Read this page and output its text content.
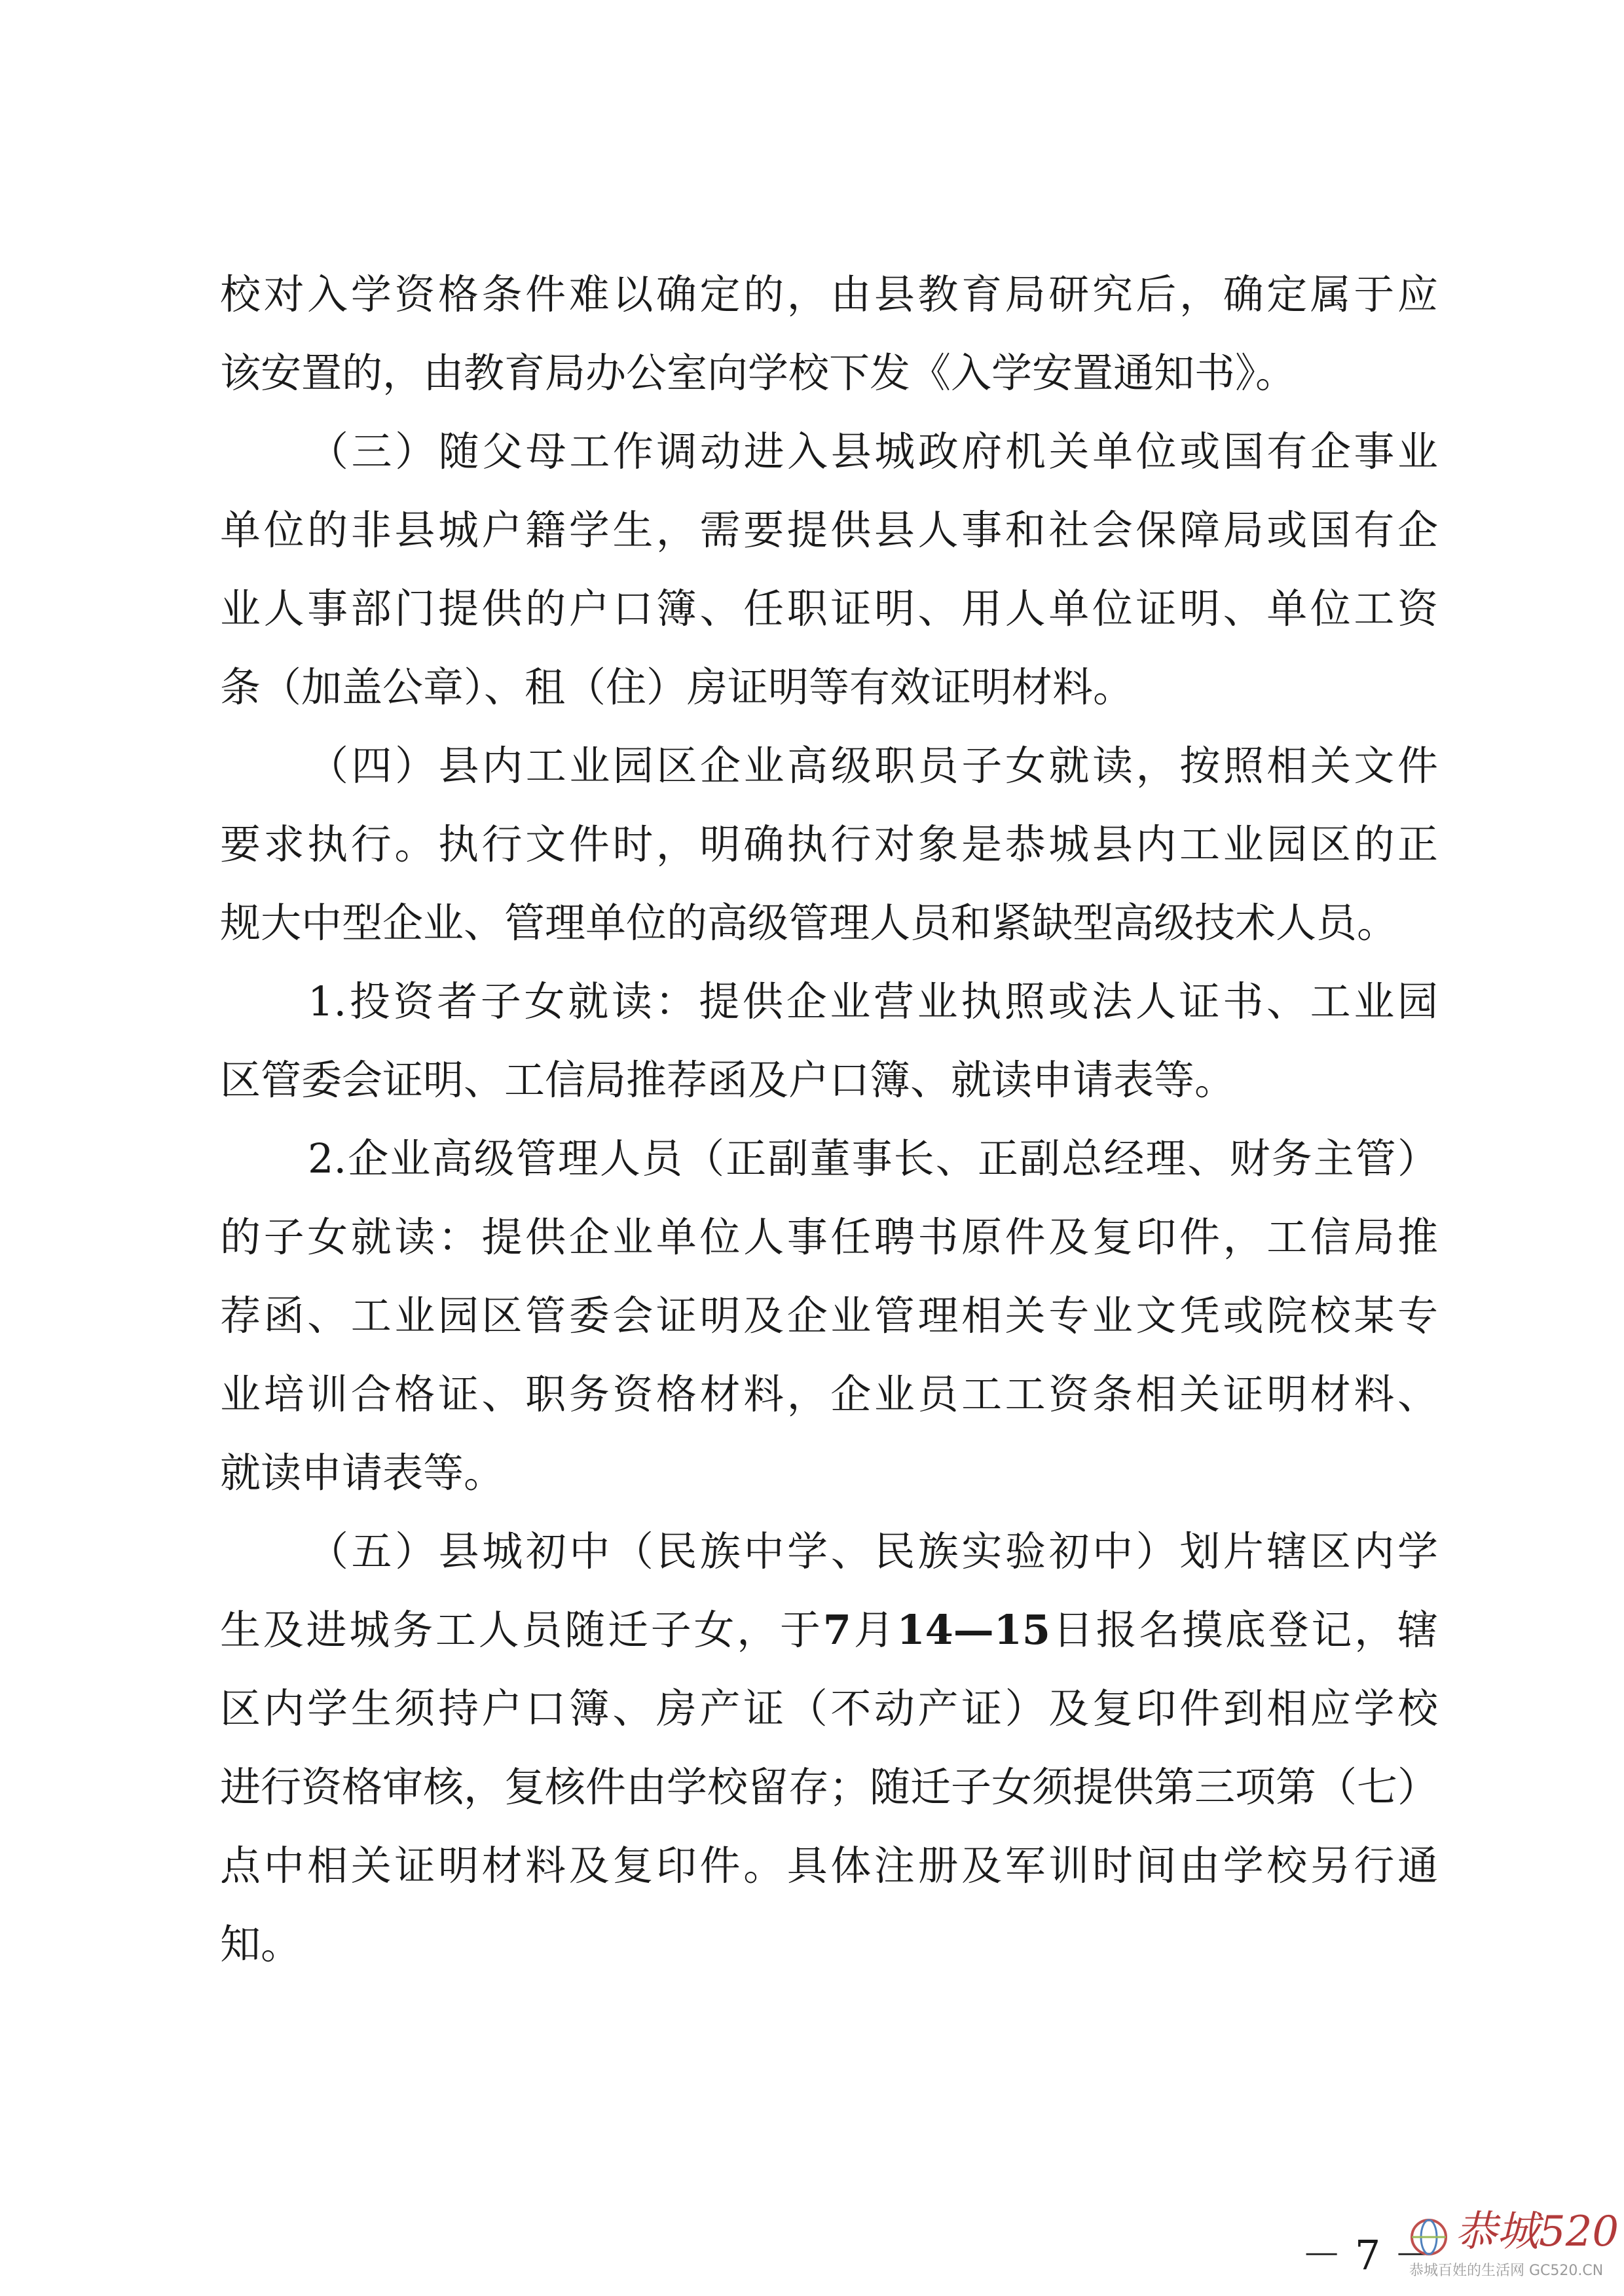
校对入学资格条件难以确定的，由县教育局研究后，确定属于应
该安置的，由教育局办公室向学校下发《入学安置通知书》。
（三）随父母工作调动进入县城政府机关单位或国有企事业
单位的非县城户籍学生，需要提供县人事和社会保障局或国有企
业人事部门提供的户口簿、任职证明、用人单位证明、单位工资
条（加盖公章）、租（住）房证明等有效证明材料。
（四）县内工业园区企业高级职员子女就读，按照相关文件
要求执行。执行文件时，明确执行对象是恭城县内工业园区的正
规大中型企业、管理单位的高级管理人员和紧缺型高级技术人员。
1.投资者子女就读：提供企业营业执照或法人证书、工业园
区管委会证明、工信局推荐函及户口簿、就读申请表等。
2.企业高级管理人员（正副董事长、正副总经理、财务主管）
的子女就读：提供企业单位人事任聘书原件及复印件，工信局推
荐函、工业园区管委会证明及企业管理相关专业文凭或院校某专
业培训合格证、职务资格材料，企业员工工资条相关证明材料、
就读申请表等。
（五）县城初中（民族中学、民族实验初中）划片辖区内学
生及进城务工人员随迁子女，于7月14—15日报名摸底登记，辖
区内学生须持户口簿、房产证（不动产证）及复印件到相应学校
进行资格审核，复核件由学校留存；随迁子女须提供第三项第（七）
点中相关证明材料及复印件。具体注册及军训时间由学校另行通
知。
－ 7 － 恭城520
恭城百姓的生活网 GC520.CN
